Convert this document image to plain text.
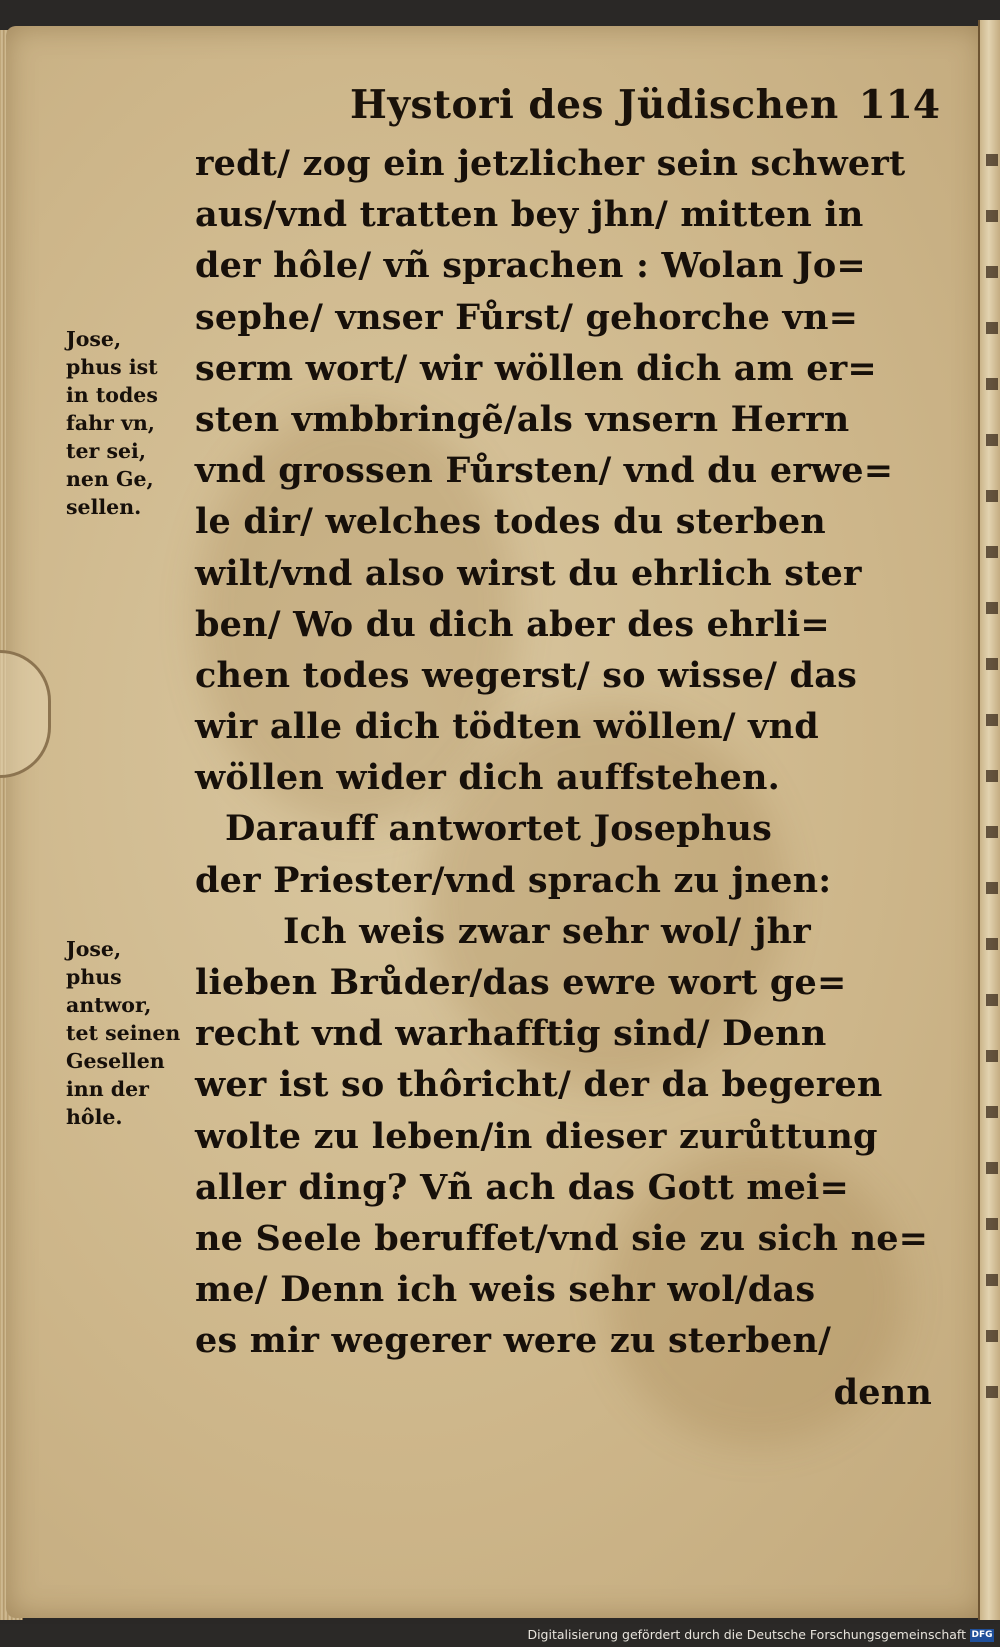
Hystori des Jüdischen 114
redt/ zog ein jetzlicher sein schwert
aus/vnd tratten bey jhn/ mitten in
der hôle/ vñ sprachen : Wolan Jo=
sephe/ vnser Fůrst/ gehorche vn=
serm wort/ wir wöllen dich am er=
sten vmbbringẽ/als vnsern Herrn
vnd grossen Fůrsten/ vnd du erwe=
le dir/ welches todes du sterben
wilt/vnd also wirst du ehrlich ster
ben/ Wo du dich aber des ehrli=
chen todes wegerst/ so wisse/ das
wir alle dich tödten wöllen/ vnd
wöllen wider dich auffstehen.
Darauff antwortet Josephus
der Priester/vnd sprach zu jnen:
Ich weis zwar sehr wol/ jhr
lieben Brůder/das ewre wort ge=
recht vnd warhafftig sind/ Denn
wer ist so thôricht/ der da begeren
wolte zu leben/in dieser zurůttung
aller ding? Vñ ach das Gott mei=
ne Seele beruffet/vnd sie zu sich ne=
me/ Denn ich weis sehr wol/das
es mir wegerer were zu sterben/
denn
Jose,
phus ist
in todes
fahr vn,
ter sei,
nen Ge,
sellen.
Jose,
phus
antwor,
tet seinen
Gesellen
inn der
hôle.
Digitalisierung gefördert durch die Deutsche Forschungsgemeinschaft DFG
